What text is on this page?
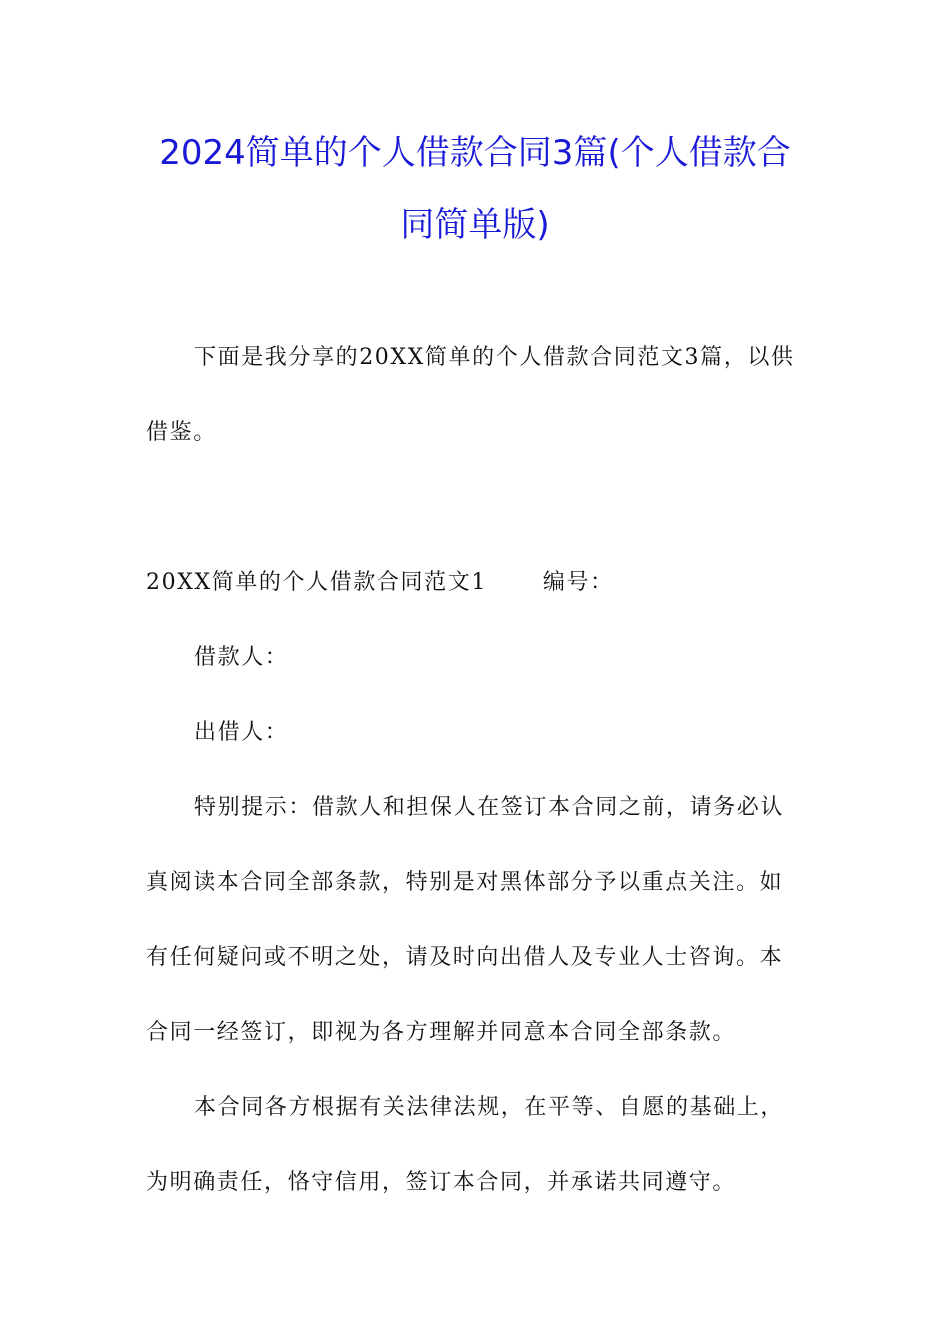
2024简单的个人借款合同3篇(个人借款合
同简单版)
下面是我分享的20XX简单的个人借款合同范文3篇，以供
借鉴。
20XX简单的个人借款合同范文1	编号：
借款人：
出借人：
特别提示：借款人和担保人在签订本合同之前，请务必认
真阅读本合同全部条款，特别是对黑体部分予以重点关注。如
有任何疑问或不明之处，请及时向出借人及专业人士咨询。本
合同一经签订，即视为各方理解并同意本合同全部条款。
本合同各方根据有关法律法规，在平等、自愿的基础上，
为明确责任，恪守信用，签订本合同，并承诺共同遵守。
